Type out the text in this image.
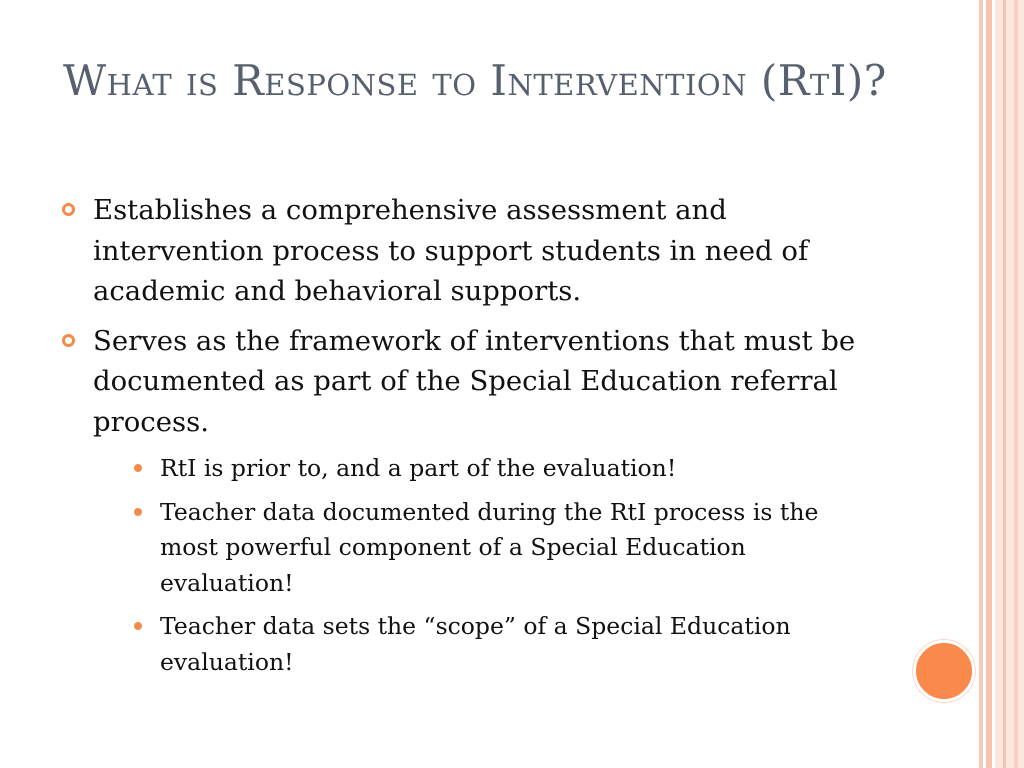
What is Response to Intervention (RtI)?
Establishes a comprehensive assessment and intervention process to support students in need of academic and behavioral supports.
Serves as the framework of interventions that must be documented as part of the Special Education referral process.
RtI is prior to, and a part of the evaluation!
Teacher data documented during the RtI process is the most powerful component of a Special Education evaluation!
Teacher data sets the “scope” of a Special Education evaluation!
